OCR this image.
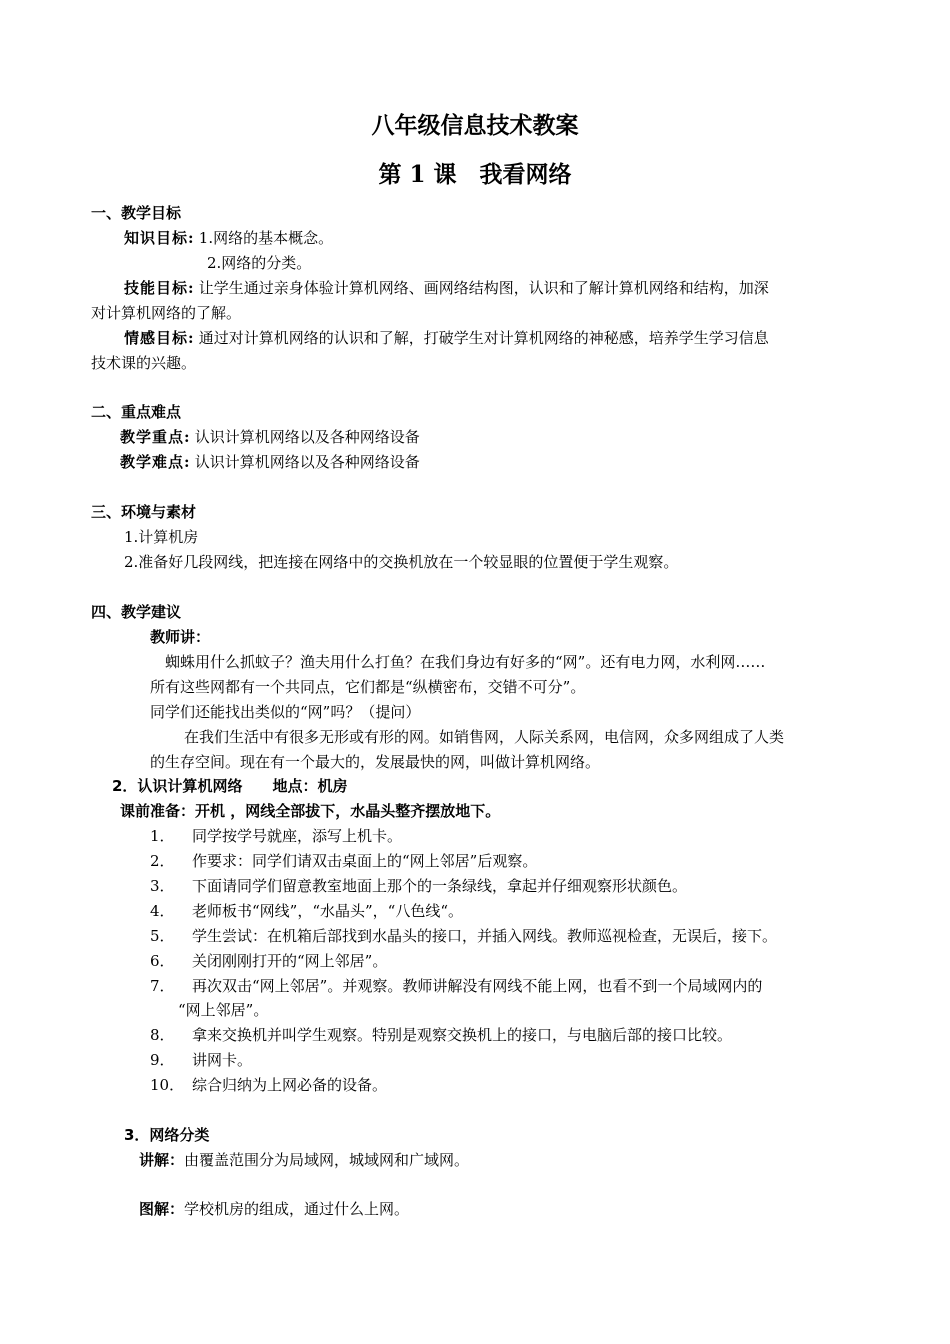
八年级信息技术教案
第 1 课　我看网络
一、教学目标
知识目标: 1.网络的基本概念。
2.网络的分类。
技能目标: 让学生通过亲身体验计算机网络、画网络结构图，认识和了解计算机网络和结构，加深
对计算机网络的了解。
情感目标: 通过对计算机网络的认识和了解，打破学生对计算机网络的神秘感，培养学生学习信息
技术课的兴趣。
二、重点难点
教学重点: 认识计算机网络以及各种网络设备
教学难点: 认识计算机网络以及各种网络设备
三、环境与素材
1.计算机房
2.准备好几段网线，把连接在网络中的交换机放在一个较显眼的位置便于学生观察。
四、教学建议
教师讲：
蜘蛛用什么抓蚊子？渔夫用什么打鱼？在我们身边有好多的“网”。还有电力网，水利网……
所有这些网都有一个共同点，它们都是“纵横密布，交错不可分”。
同学们还能找出类似的“网”吗？（提问）
在我们生活中有很多无形或有形的网。如销售网，人际关系网，电信网，众多网组成了人类
的生存空间。现在有一个最大的，发展最快的网，叫做计算机网络。
2．认识计算机网络　　地点：机房
课前准备：开机 ，网线全部拔下，水晶头整齐摆放地下。
1． 同学按学号就座，添写上机卡。
2． 作要求：同学们请双击桌面上的“网上邻居”后观察。
3． 下面请同学们留意教室地面上那个的一条绿线，拿起并仔细观察形状颜色。
4． 老师板书“网线”，“水晶头”，“八色线“。
5． 学生尝试：在机箱后部找到水晶头的接口，并插入网线。教师巡视检查，无误后，接下。
6． 关闭刚刚打开的“网上邻居”。
7． 再次双击“网上邻居”。并观察。教师讲解没有网线不能上网，也看不到一个局域网内的
“网上邻居”。
8． 拿来交换机并叫学生观察。特别是观察交换机上的接口，与电脑后部的接口比较。
9． 讲网卡。
10． 综合归纳为上网必备的设备。
3．网络分类
讲解：由覆盖范围分为局域网，城域网和广域网。
图解：学校机房的组成，通过什么上网。
